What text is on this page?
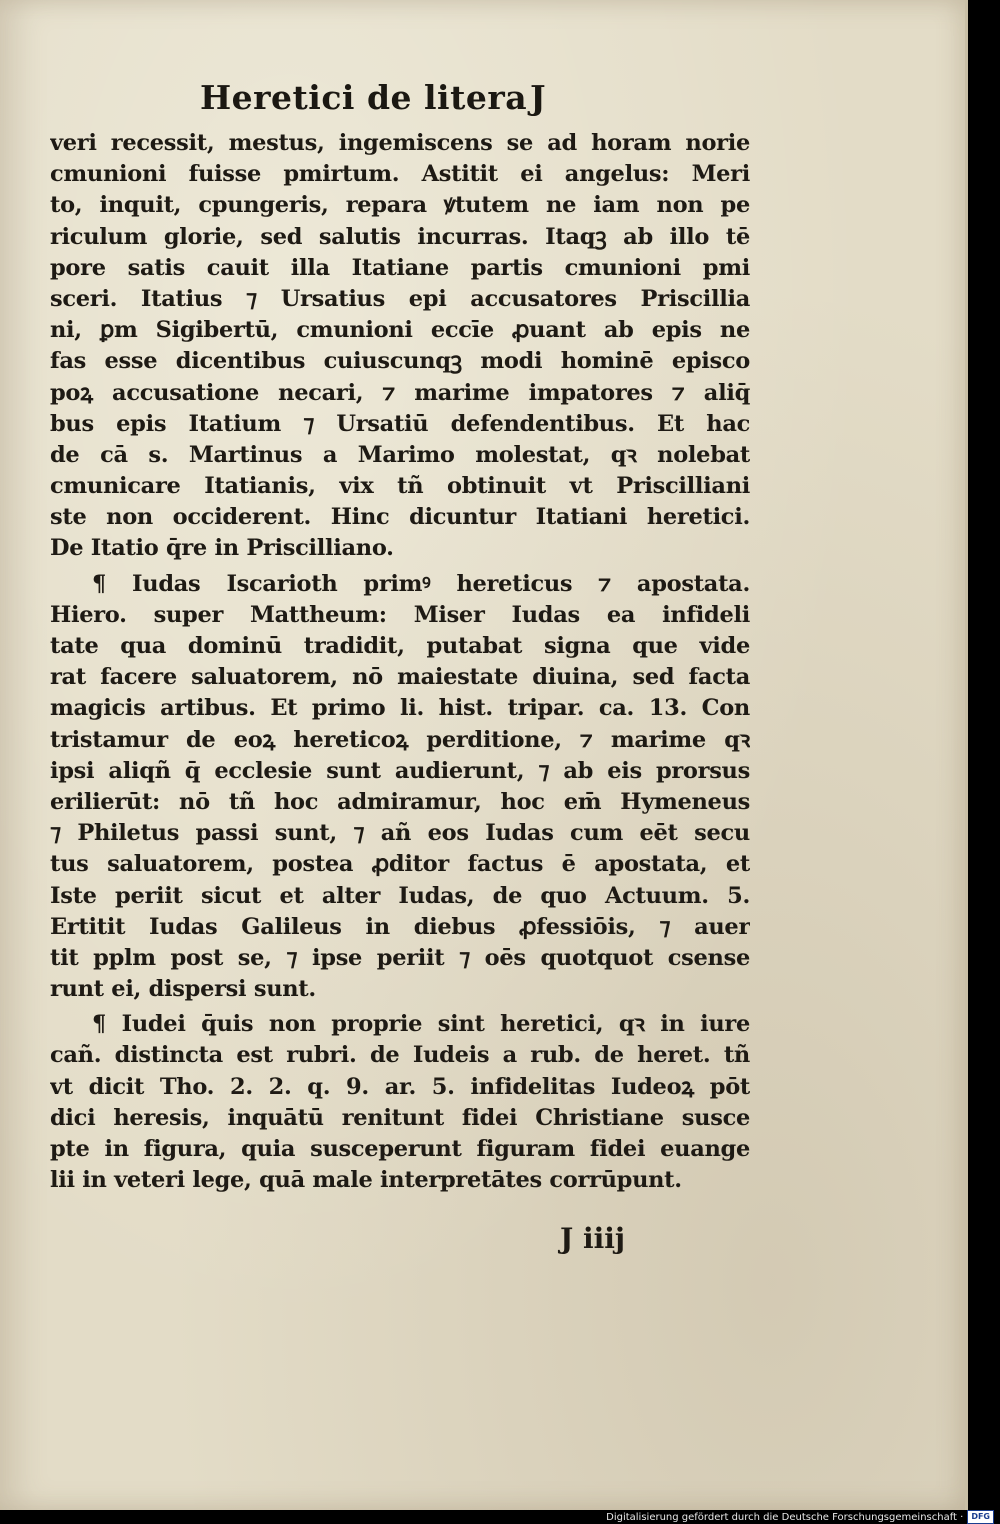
Heretici de litera J
veri recessit, mestus, ingemiscens se ad horam norie
cmunioni fuisse pmirtum. Astitit ei angelus: Meri
to, inquit, cpungeris, repara ꝟtutem ne iam non pe
riculum glorie, sed salutis incurras. Itaqꝫ ab illo tē
pore satis cauit illa Itatiane partis cmunioni pmi
sceri. Itatius ⁊ Ursatius epi accusatores Priscillia
ni, ꝑm Sigibertū, cmunioni eccīe ꝓuant ab epis ne
fas esse dicentibus cuiuscunqꝫ modi hominē episco
poꝝ accusatione necari, ⁊ marime impatores ⁊ aliq̄
bus epis Itatium ⁊ Ursatiū defendentibus. Et hac
de cā s. Martinus a Marimo molestat, qꝛ nolebat
cmunicare Itatianis, vix tñ obtinuit vt Priscilliani
ste non occiderent. Hinc dicuntur Itatiani heretici.
De Itatio q̄re in Priscilliano.
¶ Iudas Iscarioth primꝰ hereticus ⁊ apostata.
Hiero. super Mattheum: Miser Iudas ea infideli
tate qua dominū tradidit, putabat signa que vide
rat facere saluatorem, nō maiestate diuina, sed facta
magicis artibus. Et primo li. hist. tripar. ca. 13. Con
tristamur de eoꝝ hereticoꝝ perditione, ⁊ marime qꝛ
ipsi aliqñ q̄ ecclesie sunt audierunt, ⁊ ab eis prorsus
erilierūt: nō tñ hoc admiramur, hoc em̄ Hymeneus
⁊ Philetus passi sunt, ⁊ añ eos Iudas cum eēt secu
tus saluatorem, postea ꝓditor factus ē apostata, et
Iste periit sicut et alter Iudas, de quo Actuum. 5.
Ertitit Iudas Galileus in diebus ꝓfessiōis, ⁊ auer
tit pplm post se, ⁊ ipse periit ⁊ oēs quotquot csense
runt ei, dispersi sunt.
¶ Iudei q̄uis non proprie sint heretici, qꝛ in iure
cañ. distincta est rubri. de Iudeis a rub. de heret. tñ
vt dicit Tho. 2. 2. q. 9. ar. 5. infidelitas Iudeoꝝ pōt
dici heresis, inquātū renitunt fidei Christiane susce
pte in figura, quia susceperunt figuram fidei euange
lii in veteri lege, quā male interpretātes corrūpunt.
J iiij
Digitalisierung gefördert durch die Deutsche Forschungsgemeinschaft ·	DFG
